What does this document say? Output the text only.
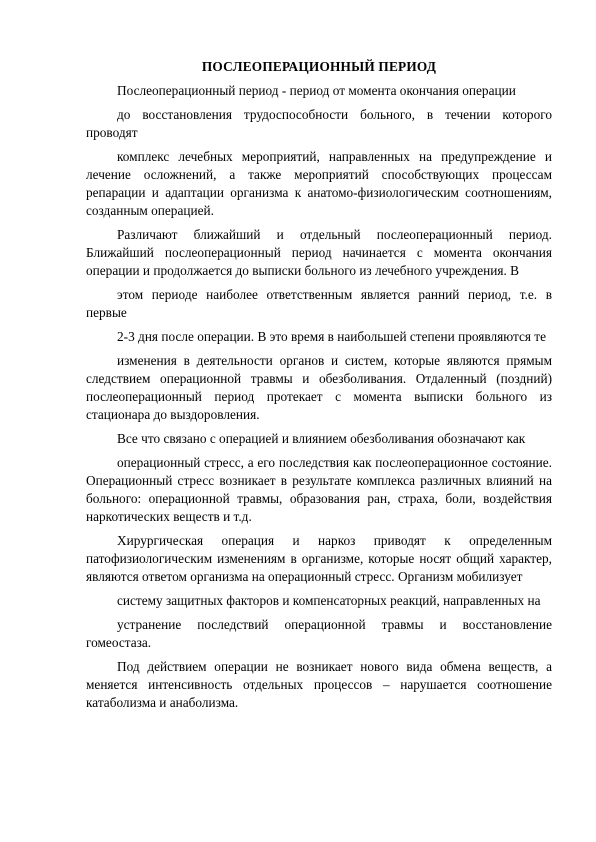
ПОСЛЕОПЕРАЦИОННЫЙ ПЕРИОД

Послеоперационный период - период от момента окончания операции

до восстановления трудоспособности больного, в течении которого проводят

комплекс лечебных мероприятий, направленных на предупреждение и лечение осложнений, а также мероприятий способствующих процессам репарации и адаптации организма к анатомо-физиологическим соотношениям, созданным операцией.

Различают ближайший и отдельный послеоперационный период. Ближайший послеоперационный период начинается с момента окончания операции и продолжается до выписки больного из лечебного учреждения. В

этом периоде наиболее ответственным является ранний период, т.е. в первые

2-3 дня после операции. В это время в наибольшей степени проявляются те

изменения в деятельности органов и систем, которые являются прямым следствием операционной травмы и обезболивания. Отдаленный (поздний) послеоперационный период протекает с момента выписки больного из стационара до выздоровления.

Все что связано с операцией и влиянием обезболивания обозначают как

операционный стресс, а его последствия как послеоперационное состояние. Операционный стресс возникает в результате комплекса различных влияний на больного: операционной травмы, образования ран, страха, боли, воздействия наркотических веществ и т.д.

Хирургическая операция и наркоз приводят к определенным патофизиологическим изменениям в организме, которые носят общий характер, являются ответом организма на операционный стресс. Организм мобилизует

систему защитных факторов и компенсаторных реакций, направленных на

устранение последствий операционной травмы и восстановление гомеостаза.

Под действием операции не возникает нового вида обмена веществ, а меняется интенсивность отдельных процессов – нарушается соотношение катаболизма и анаболизма.
